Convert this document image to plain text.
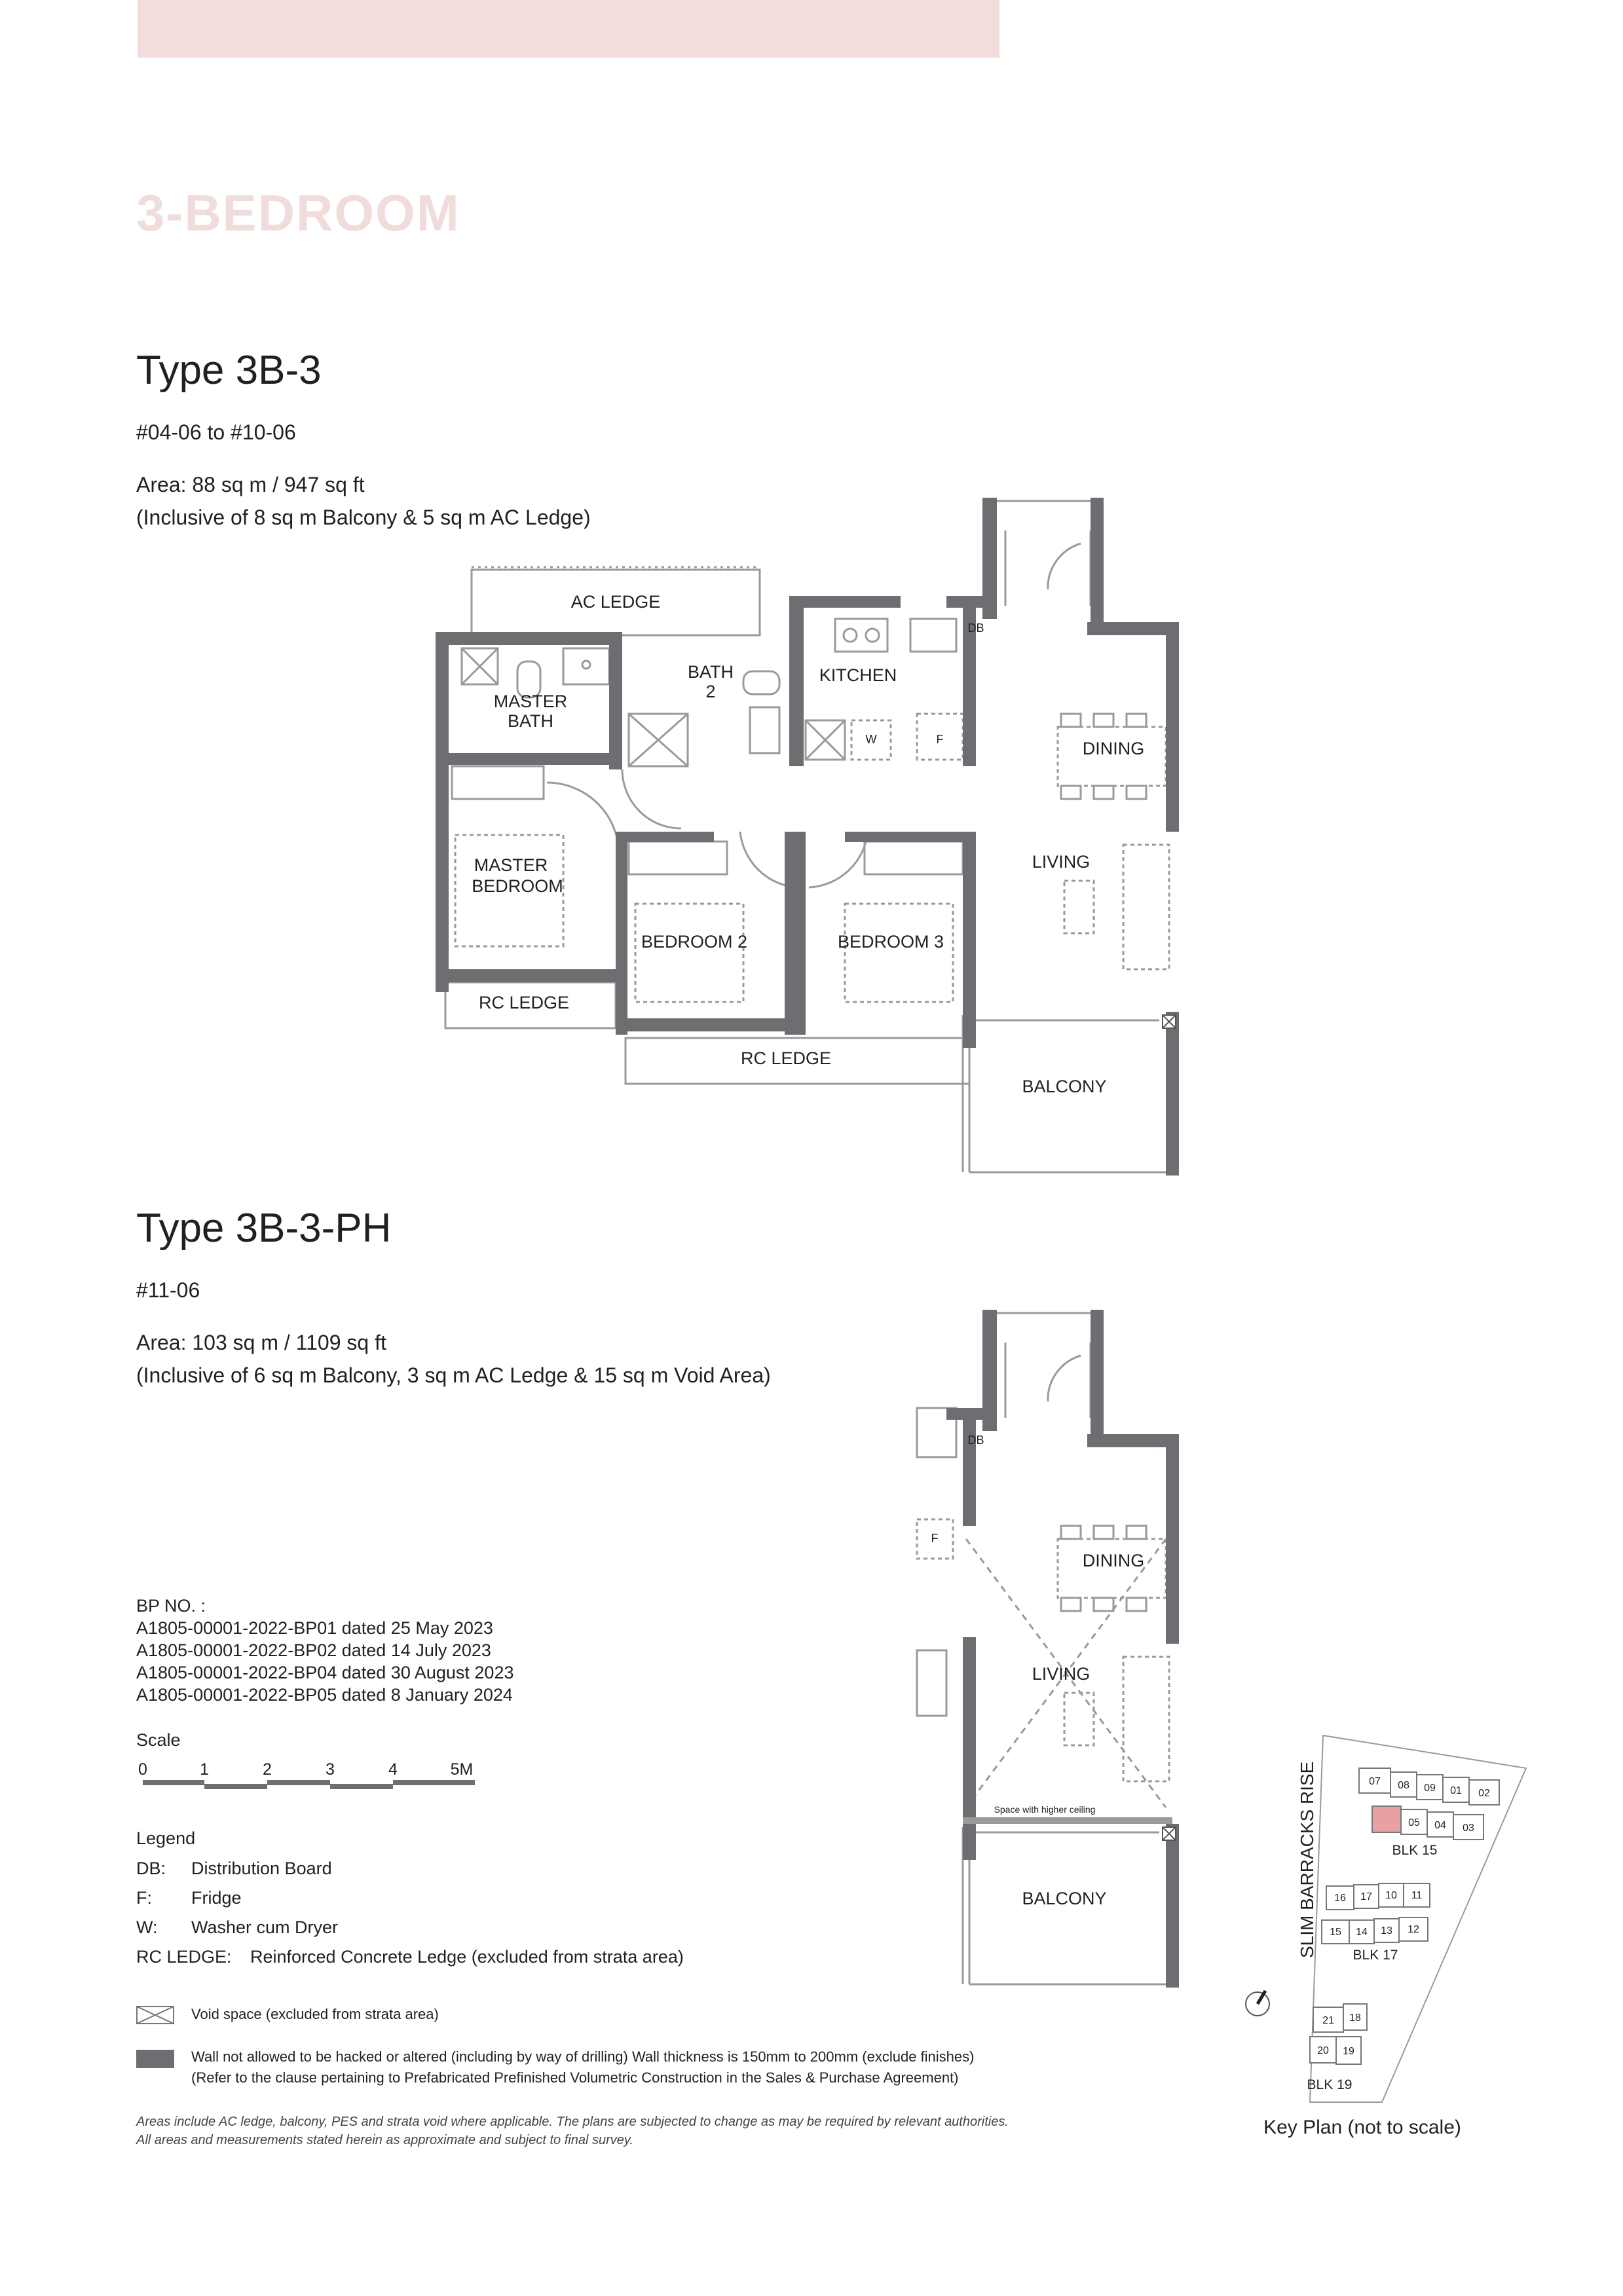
3-BEDROOM
Type 3B-3
#04-06 to #10-06
Area: 88 sq m / 947 sq ft
(Inclusive of 8 sq m Balcony & 5 sq m AC Ledge)
AC LEDGE
DB
BATH
2
KITCHEN
MASTER
BATH
W	F	DINING
MASTER
BEDROOM
LIVING
BEDROOM 2	BEDROOM 3
RC LEDGE
RC LEDGE
BALCONY
Type 3B-3-PH
#11-06
Area: 103 sq m / 1109 sq ft
(Inclusive of 6 sq m Balcony, 3 sq m AC Ledge & 15 sq m Void Area)
DB
F
DINING
LIVING
Space with higher ceiling
BALCONY
BP NO. :
A1805-00001-2022-BP01 dated 25 May 2023
A1805-00001-2022-BP02 dated 14 July 2023
A1805-00001-2022-BP04 dated 30 August 2023
A1805-00001-2022-BP05 dated 8 January 2024
Scale
0	1	2	3	4	5M
Legend
DB: Distribution Board
F: Fridge
W: Washer cum Dryer
RC LEDGE: Reinforced Concrete Ledge (excluded from strata area)
Void space (excluded from strata area)
Wall not allowed to be hacked or altered (including by way of drilling) Wall thickness is 150mm to 200mm (exclude finishes)
(Refer to the clause pertaining to Prefabricated Prefinished Volumetric Construction in the Sales & Purchase Agreement)
Areas include AC ledge, balcony, PES and strata void where applicable. The plans are subjected to change as may be required by relevant authorities.
All areas and measurements stated herein as approximate and subject to final survey.
07 08 09 01 02
05 04 03
16 17 10 11
15 14 13 12
21 18
20 19
BLK 15
BLK 17
BLK 19
SLIM BARRACKS RISE
Key Plan (not to scale)
